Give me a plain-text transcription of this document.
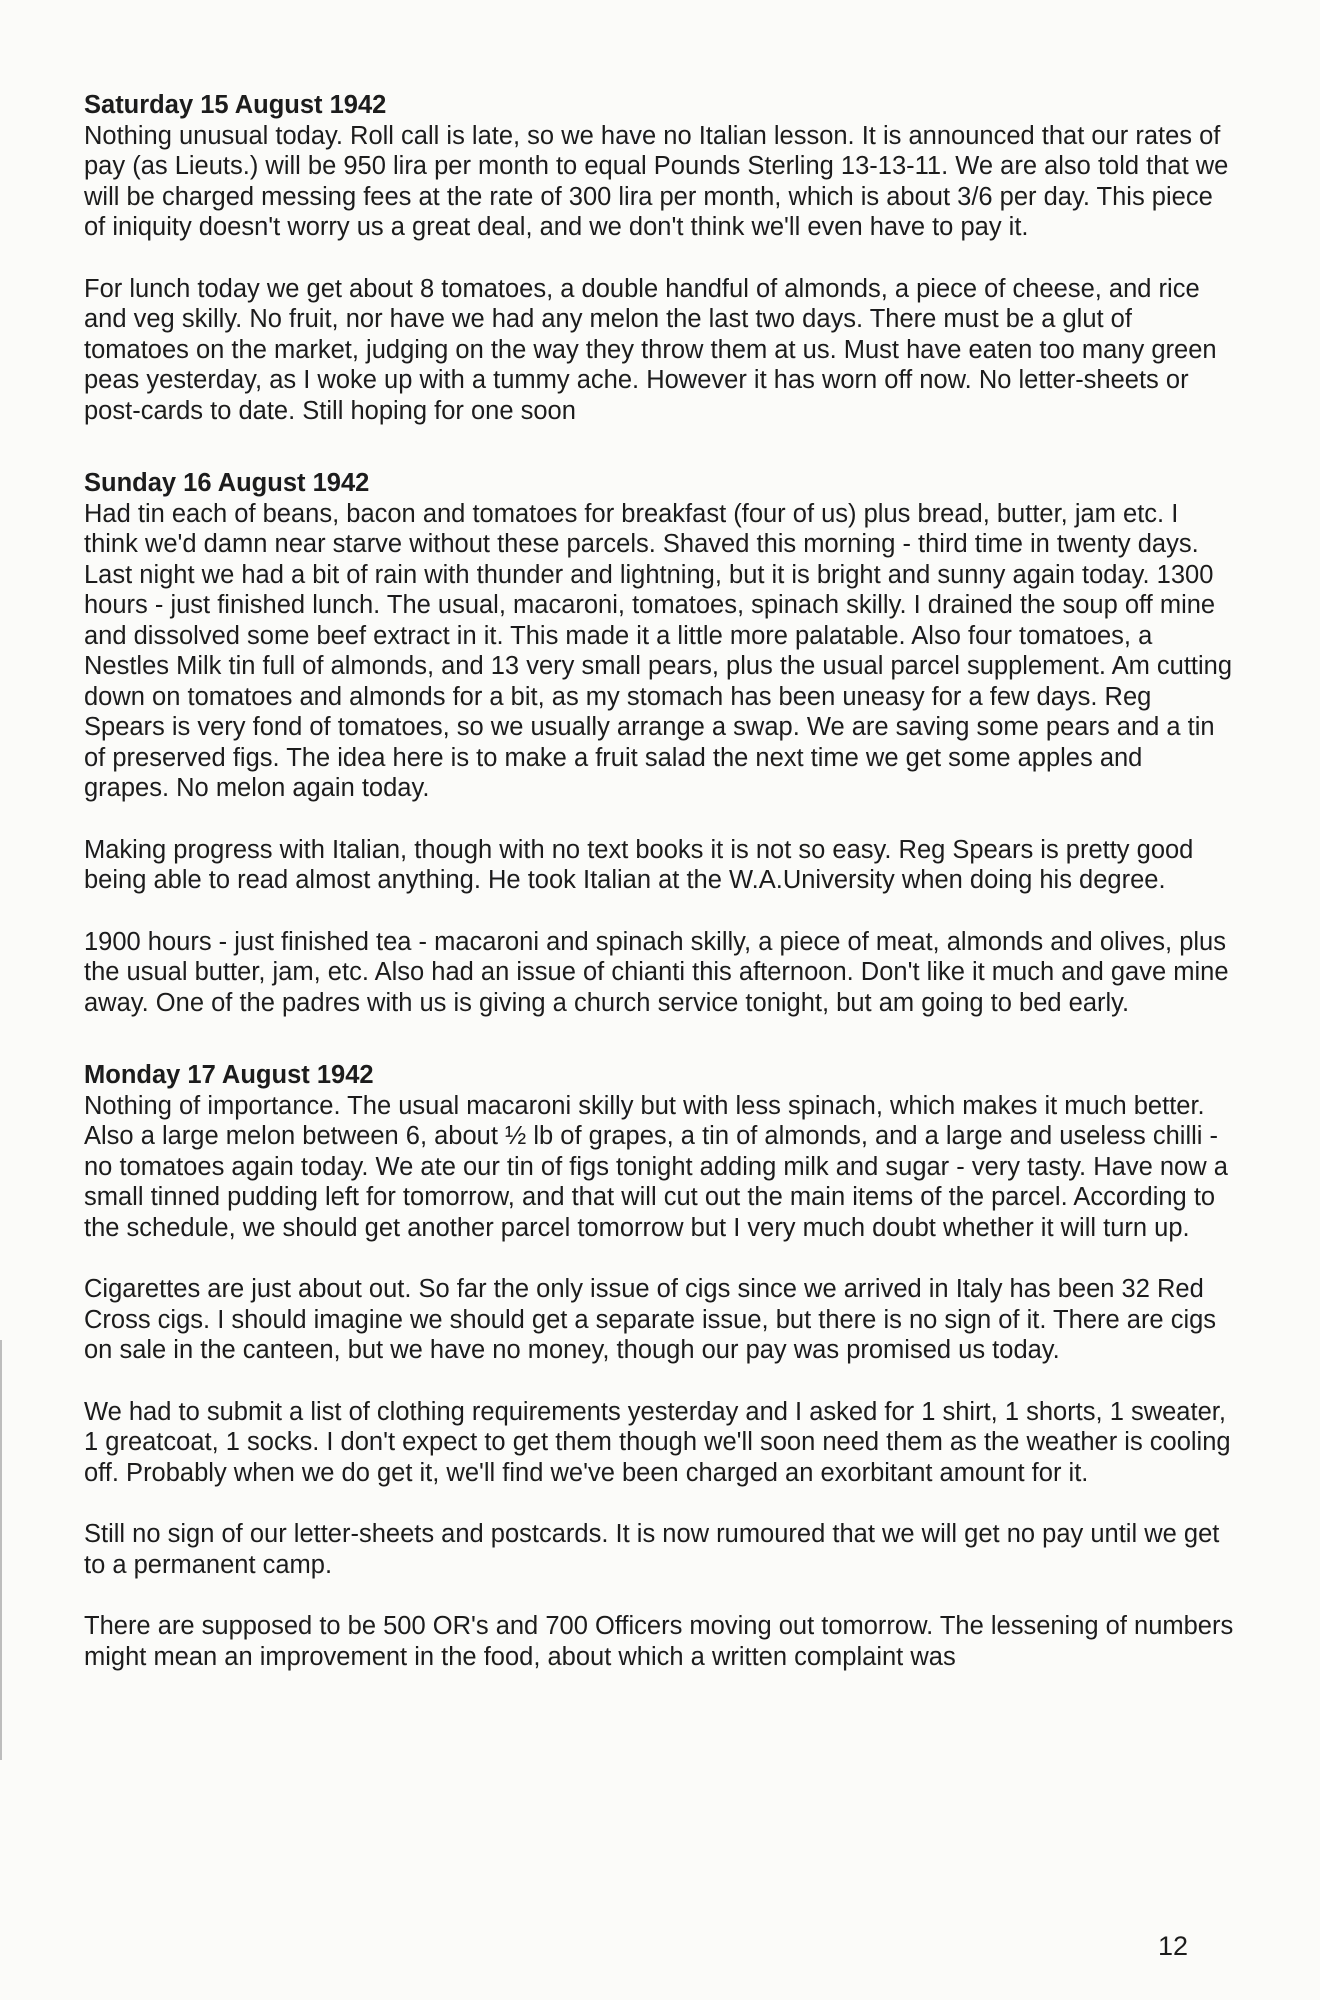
Saturday 15 August 1942

Nothing unusual today. Roll call is late, so we have no Italian lesson. It is announced that our rates of pay (as Lieuts.) will be 950 lira per month to equal Pounds Sterling 13-13-11. We are also told that we will be charged messing fees at the rate of 300 lira per month, which is about 3/6 per day. This piece of iniquity doesn't worry us a great deal, and we don't think we'll even have to pay it.

For lunch today we get about 8 tomatoes, a double handful of almonds, a piece of cheese, and rice and veg skilly. No fruit, nor have we had any melon the last two days. There must be a glut of tomatoes on the market, judging on the way they throw them at us. Must have eaten too many green peas yesterday, as I woke up with a tummy ache. However it has worn off now. No letter-sheets or post-cards to date. Still hoping for one soon

Sunday 16 August 1942

Had tin each of beans, bacon and tomatoes for breakfast (four of us) plus bread, butter, jam etc. I think we'd damn near starve without these parcels. Shaved this morning - third time in twenty days.

Last night we had a bit of rain with thunder and lightning, but it is bright and sunny again today. 1300 hours - just finished lunch. The usual, macaroni, tomatoes, spinach skilly. I drained the soup off mine and dissolved some beef extract in it. This made it a little more palatable. Also four tomatoes, a Nestles Milk tin full of almonds, and 13 very small pears, plus the usual parcel supplement. Am cutting down on tomatoes and almonds for a bit, as my stomach has been uneasy for a few days. Reg Spears is very fond of tomatoes, so we usually arrange a swap. We are saving some pears and a tin of preserved figs. The idea here is to make a fruit salad the next time we get some apples and grapes. No melon again today.

Making progress with Italian, though with no text books it is not so easy. Reg Spears is pretty good being able to read almost anything. He took Italian at the W.A.University when doing his degree.

1900 hours - just finished tea - macaroni and spinach skilly, a piece of meat, almonds and olives, plus the usual butter, jam, etc. Also had an issue of chianti this afternoon. Don't like it much and gave mine away. One of the padres with us is giving a church service tonight, but am going to bed early.

Monday 17 August 1942

Nothing of importance. The usual macaroni skilly but with less spinach, which makes it much better. Also a large melon between 6, about ½ lb of grapes, a tin of almonds, and a large and useless chilli - no tomatoes again today. We ate our tin of figs tonight adding milk and sugar - very tasty. Have now a small tinned pudding left for tomorrow, and that will cut out the main items of the parcel. According to the schedule, we should get another parcel tomorrow but I very much doubt whether it will turn up.

Cigarettes are just about out. So far the only issue of cigs since we arrived in Italy has been 32 Red Cross cigs. I should imagine we should get a separate issue, but there is no sign of it. There are cigs on sale in the canteen, but we have no money, though our pay was promised us today.

We had to submit a list of clothing requirements yesterday and I asked for 1 shirt, 1 shorts, 1 sweater, 1 greatcoat, 1 socks. I don't expect to get them though we'll soon need them as the weather is cooling off. Probably when we do get it, we'll find we've been charged an exorbitant amount for it.

Still no sign of our letter-sheets and postcards. It is now rumoured that we will get no pay until we get to a permanent camp.

There are supposed to be 500 OR's and 700 Officers moving out tomorrow. The lessening of numbers might mean an improvement in the food, about which a written complaint was

12
